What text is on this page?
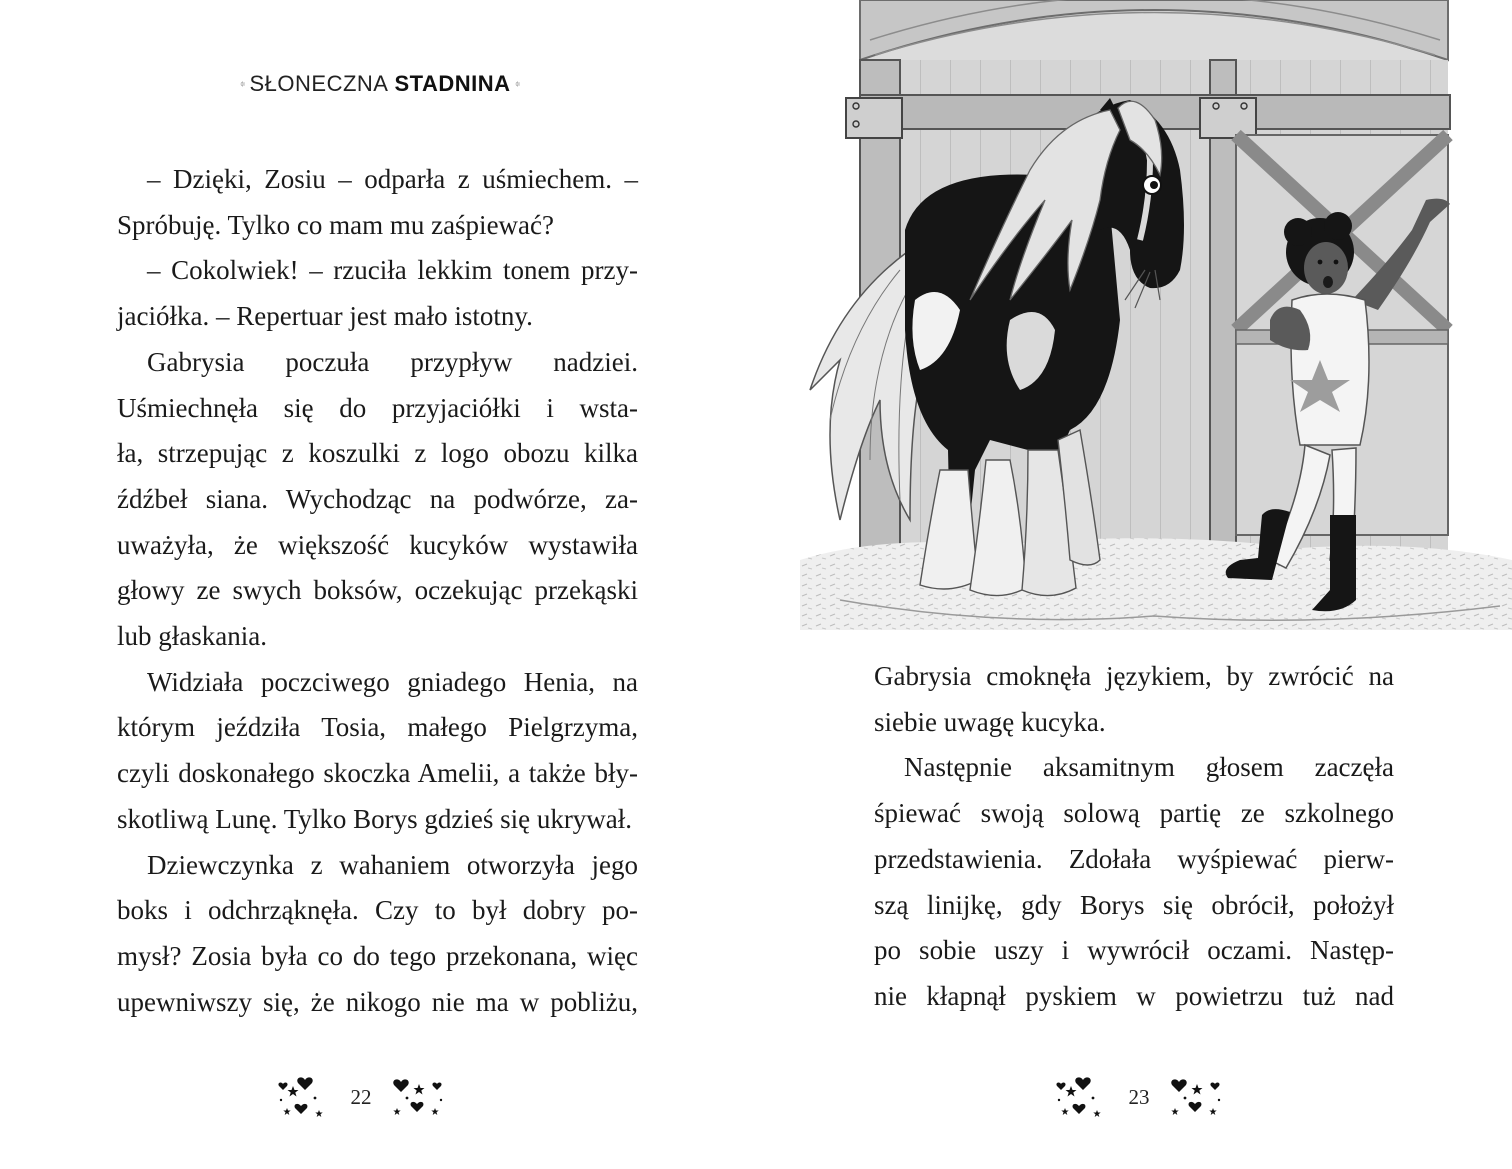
SŁONECZNA STADNINA

– Dzięki, Zosiu – odparła z uśmiechem. –
Spróbuję. Tylko co mam mu zaśpiewać?

– Cokolwiek! – rzuciła lekkim tonem przy-
jaciółka. – Repertuar jest mało istotny.

Gabrysia poczuła przypływ nadziei.
Uśmiechnęła się do przyjaciółki i wsta-
ła, strzepując z koszulki z logo obozu kilka
źdźbeł siana. Wychodząc na podwórze, za-
uważyła, że większość kucyków wystawiła
głowy ze swych boksów, oczekując przekąski
lub głaskania.

Widziała poczciwego gniadego Henia, na
którym jeździła Tosia, małego Pielgrzyma,
czyli doskonałego skoczka Amelii, a także bły-
skotliwą Lunę. Tylko Borys gdzieś się ukrywał.

Dziewczynka z wahaniem otworzyła jego
boks i odchrząknęła. Czy to był dobry po-
mysł? Zosia była co do tego przekonana, więc
upewniwszy się, że nikogo nie ma w pobliżu,

22

Gabrysia cmoknęła językiem, by zwrócić na
siebie uwagę kucyka.

Następnie aksamitnym głosem zaczęła
śpiewać swoją solową partię ze szkolnego
przedstawienia. Zdołała wyśpiewać pierw-
szą linijkę, gdy Borys się obrócił, położył
po sobie uszy i wywrócił oczami. Następ-
nie kłapnął pyskiem w powietrzu tuż nad

23
